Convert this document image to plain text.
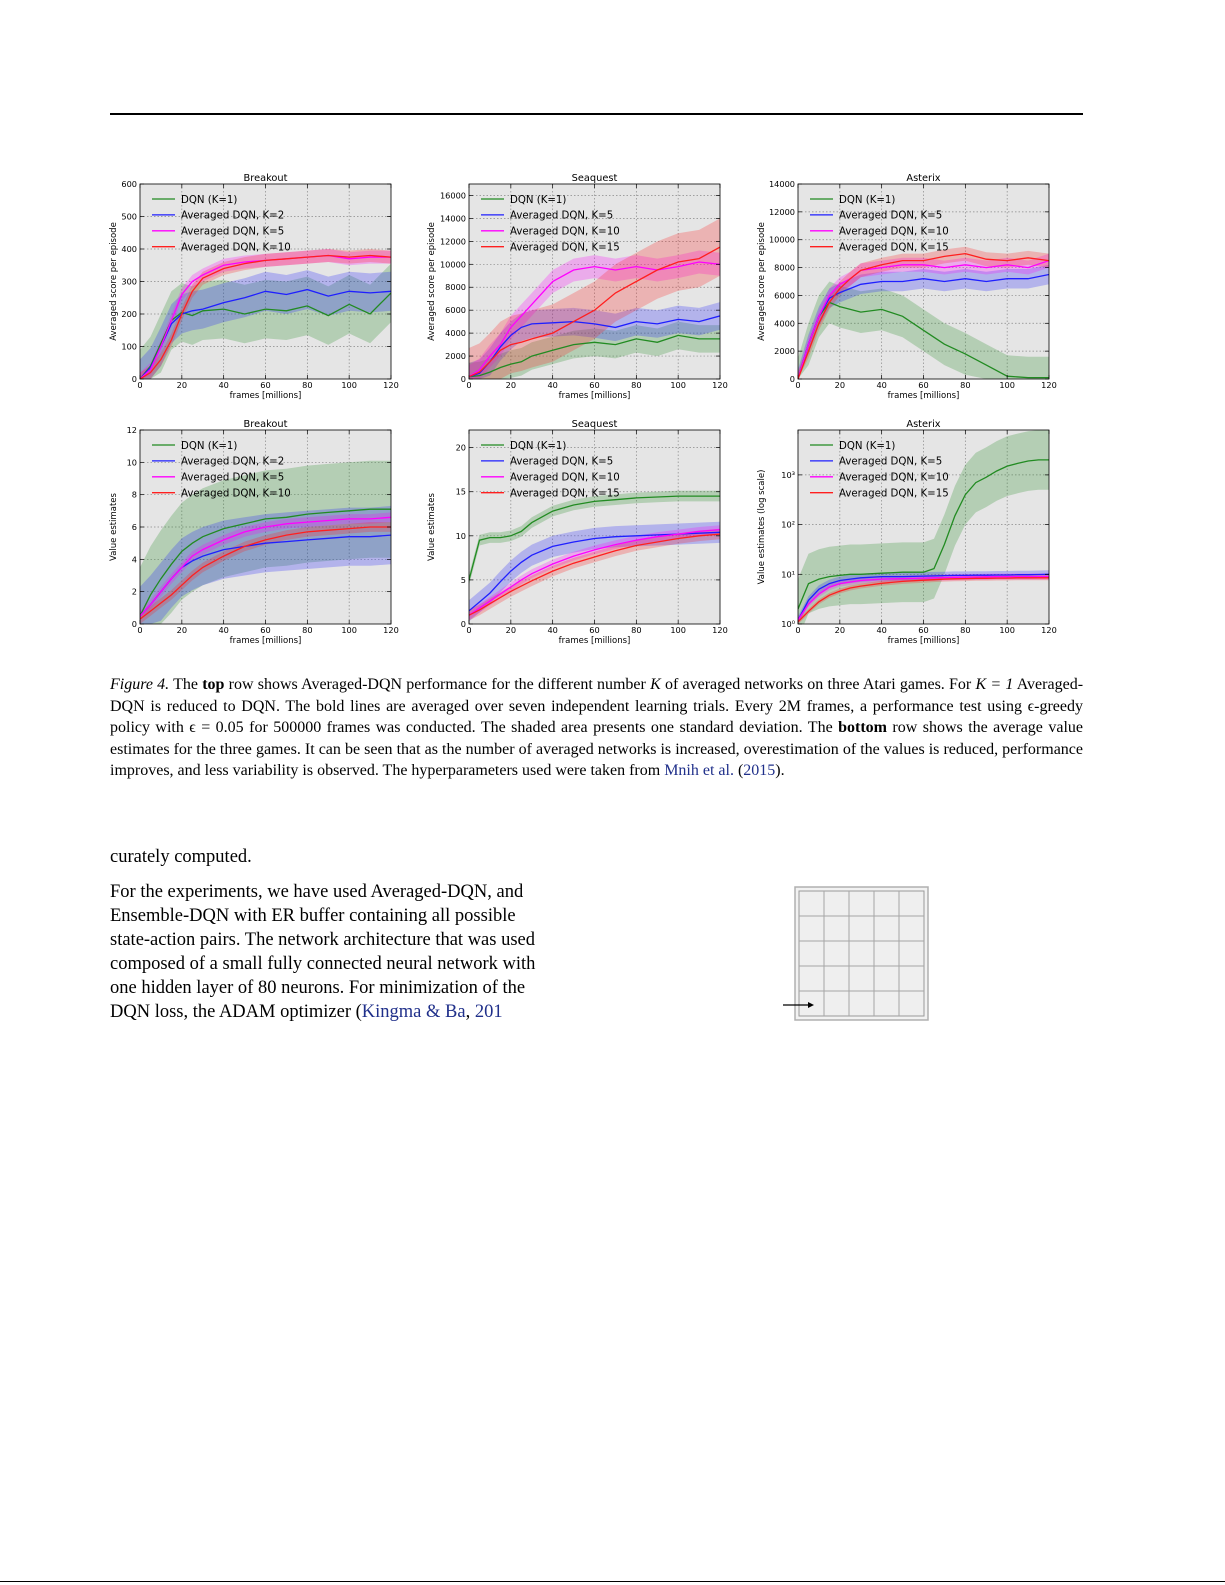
0	20	40	60	80	100	120
0
100
200
300
400
500
600	Breakout
frames [millions]
Averaged score per episode
DQN (K=1)
Averaged DQN, K=2
Averaged DQN, K=5
Averaged DQN, K=10
0	20	40	60	80	100	120
0
2000
4000
6000
8000
10000
12000
14000
16000
Seaquest
frames [millions]
Averaged score per episode
DQN (K=1)
Averaged DQN, K=5
Averaged DQN, K=10
Averaged DQN, K=15
0	20	40	60	80	100	120
0
2000
4000
6000
8000
10000
12000
14000	Asterix
frames [millions]
Averaged score per episode
DQN (K=1)
Averaged DQN, K=5
Averaged DQN, K=10
Averaged DQN, K=15
0	20	40	60	80	100	120
0
2
4
6
8
10
12	Breakout
frames [millions]
Value estimates
DQN (K=1)
Averaged DQN, K=2
Averaged DQN, K=5
Averaged DQN, K=10
0	20	40	60	80	100	120
0
5
10
15
20
Seaquest
frames [millions]
Value estimates
DQN (K=1)
Averaged DQN, K=5
Averaged DQN, K=10
Averaged DQN, K=15
0	20	40	60	80	100	120
10⁰
10¹
10²
10³
Asterix
frames [millions]
Value estimates (log scale)
DQN (K=1)
Averaged DQN, K=5
Averaged DQN, K=10
Averaged DQN, K=15
Figure 4. The top row shows Averaged-DQN performance for the different number K of averaged networks on three Atari games. For K = 1 Averaged-DQN is reduced to DQN. The bold lines are averaged over seven independent learning trials. Every 2M frames, a performance test using ϵ-greedy policy with ϵ = 0.05 for 500000 frames was conducted. The shaded area presents one standard deviation. The bottom row shows the average value estimates for the three games. It can be seen that as the number of averaged networks is increased, overestimation of the values is reduced, performance improves, and less variability is observed. The hyperparameters used were taken from Mnih et al. (2015).
curately computed.
For the experiments, we have used Averaged-DQN, and
Ensemble-DQN with ER buffer containing all possible
state-action pairs. The network architecture that was used
composed of a small fully connected neural network with
one hidden layer of 80 neurons. For minimization of the
DQN loss, the ADAM optimizer (Kingma & Ba, 201
